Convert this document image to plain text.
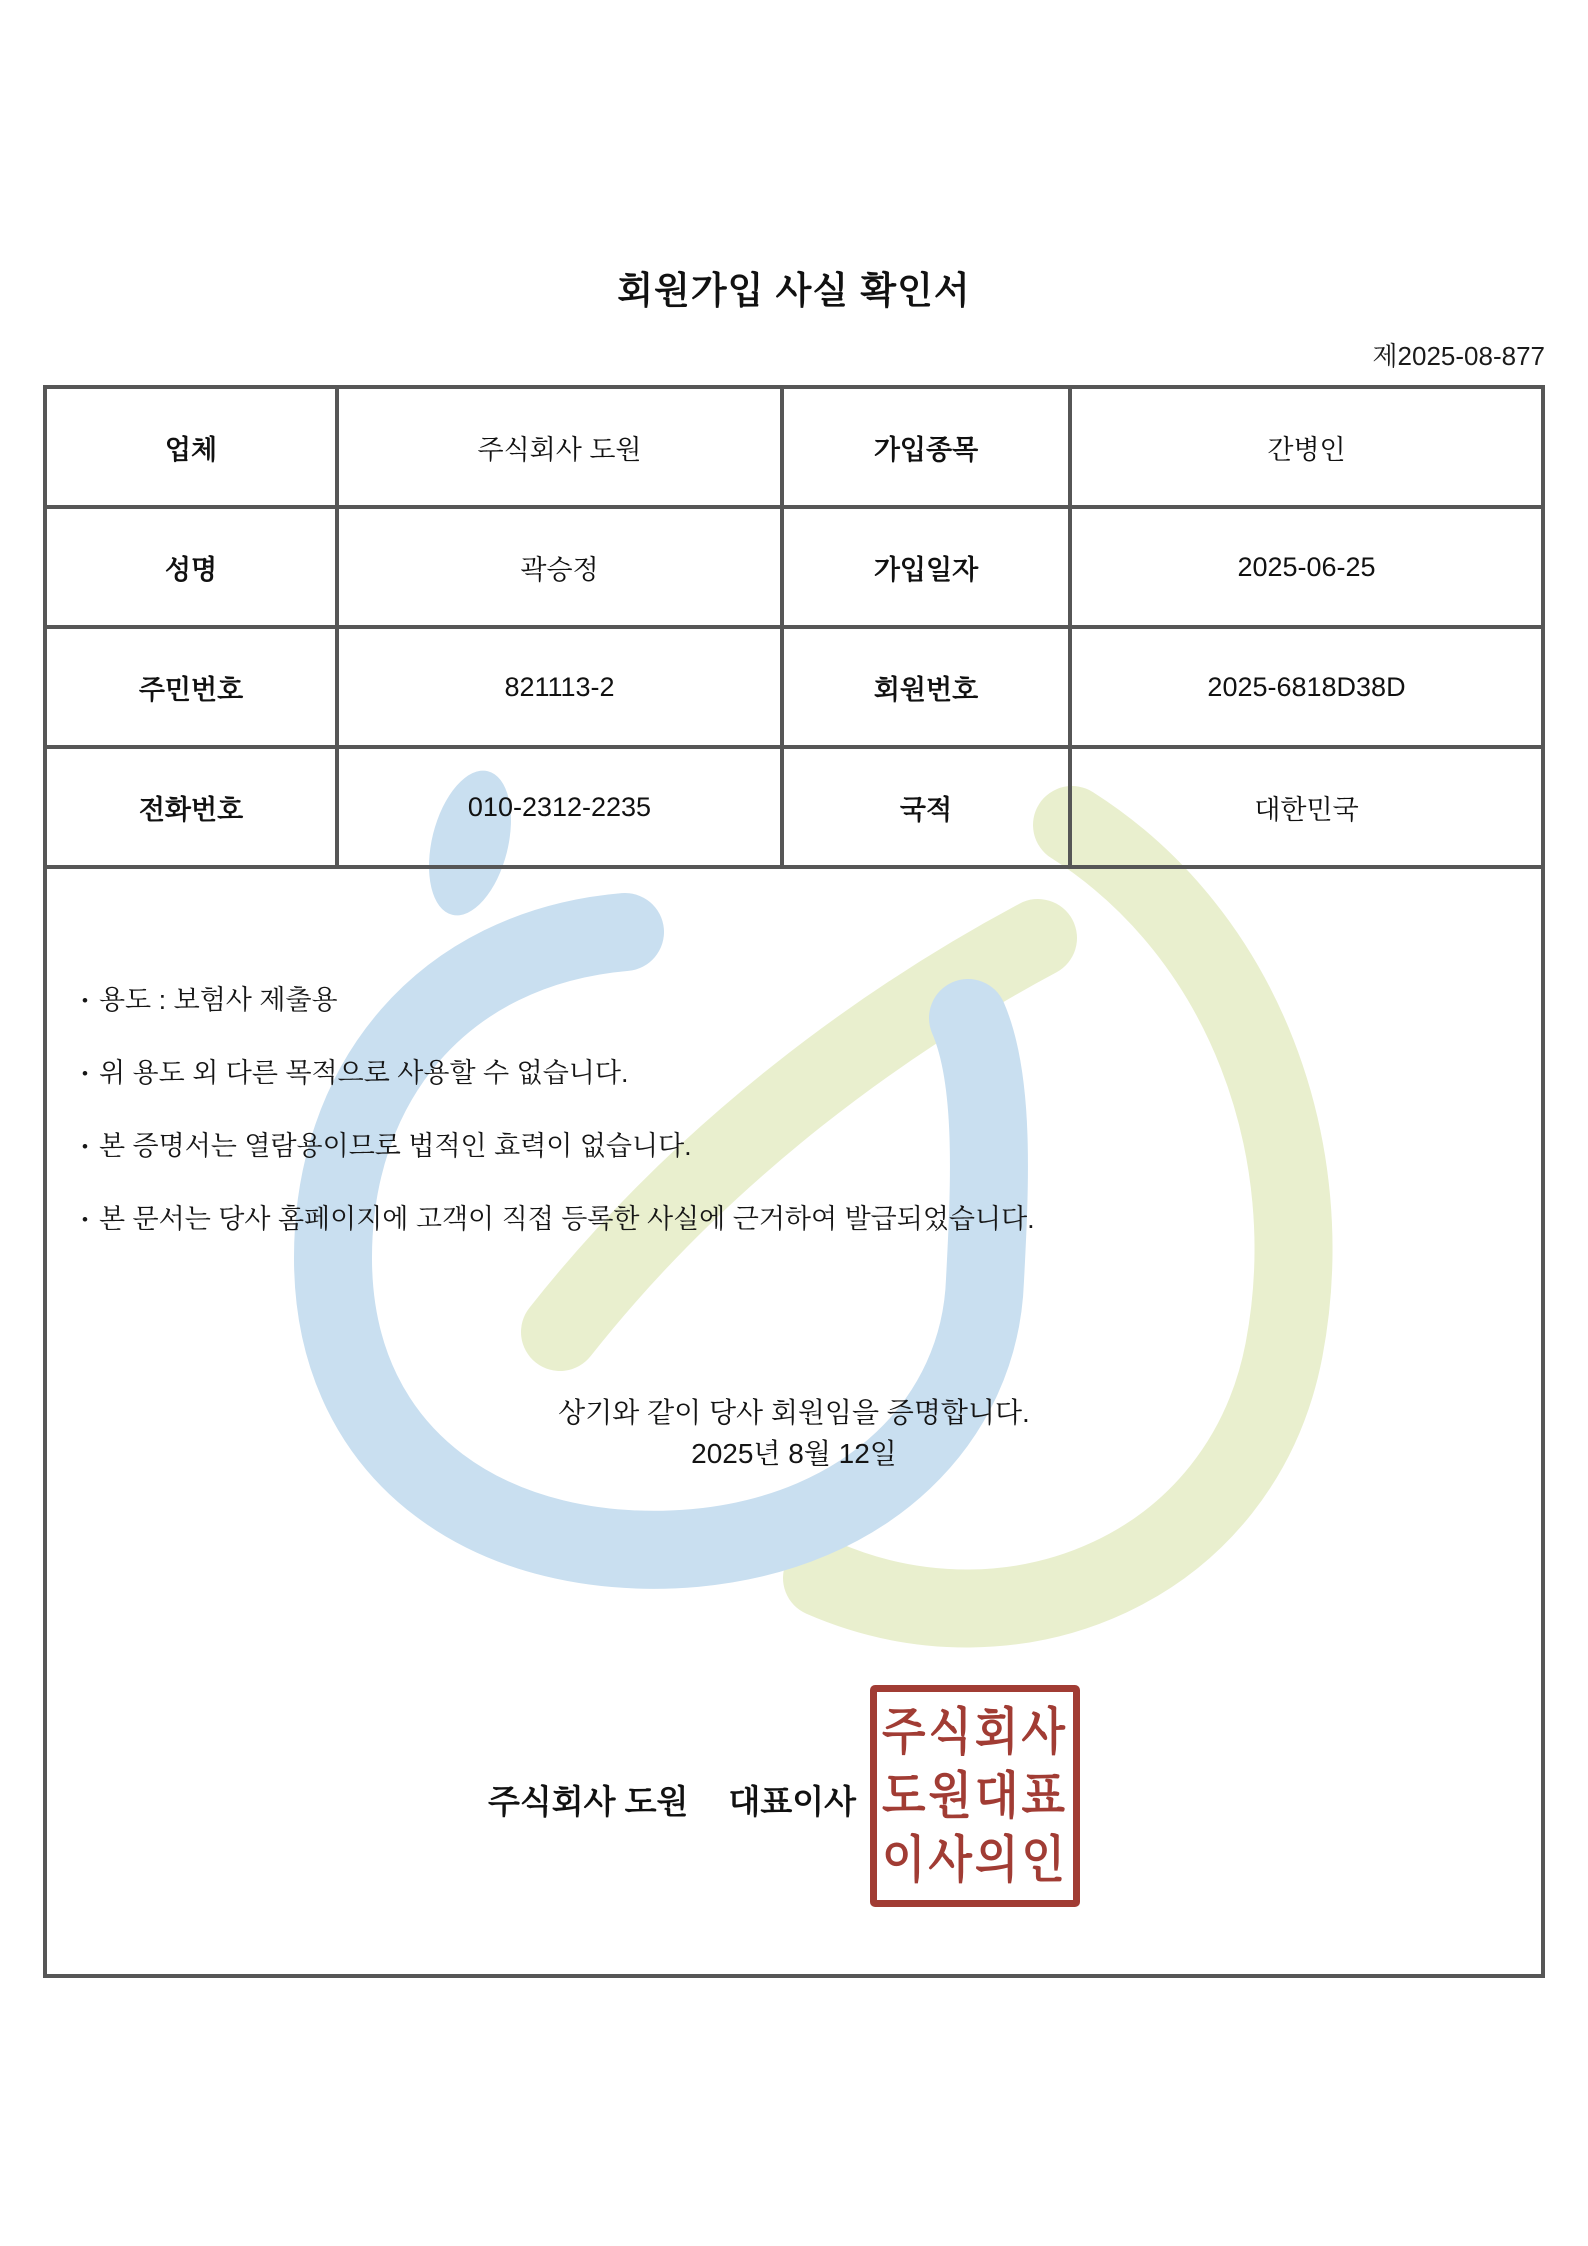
회원가입 사실 확인서
제2025-08-877
업체	주식회사 도원	가입종목	간병인
성명	곽승정	가입일자	2025-06-25
주민번호	821113-2	회원번호	2025-6818D38D
전화번호	010-2312-2235	국적	대한민국
• 용도 : 보험사 제출용
• 위 용도 외 다른 목적으로 사용할 수 없습니다.
• 본 증명서는 열람용이므로 법적인 효력이 없습니다.
• 본 문서는 당사 홈페이지에 고객이 직접 등록한 사실에 근거하여 발급되었습니다.
상기와 같이 당사 회원임을 증명합니다.
2025년 8월 12일
주식회사 도원 대표이사
주식회사
도원대표
이사의인
